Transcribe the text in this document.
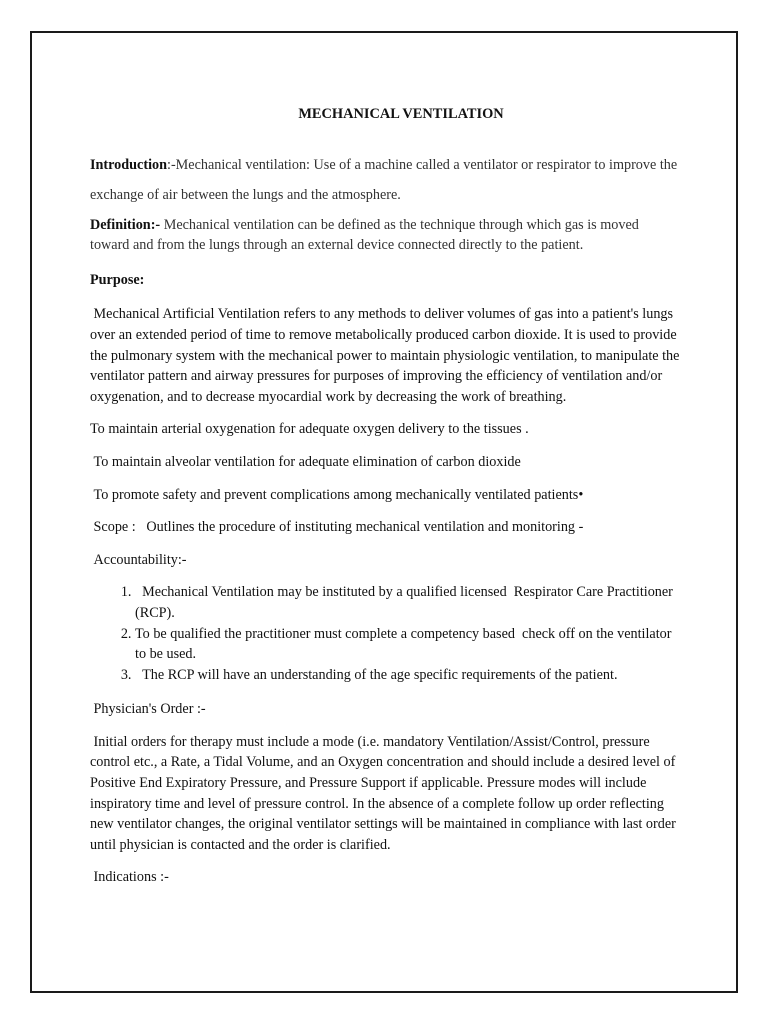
MECHANICAL VENTILATION

Introduction:-Mechanical ventilation: Use of a machine called a ventilator or respirator to improve the exchange of air between the lungs and the atmosphere.

Definition:- Mechanical ventilation can be defined as the technique through which gas is moved toward and from the lungs through an external device connected directly to the patient.

Purpose:

Mechanical Artificial Ventilation refers to any methods to deliver volumes of gas into a patient's lungs over an extended period of time to remove metabolically produced carbon dioxide. It is used to provide the pulmonary system with the mechanical power to maintain physiologic ventilation, to manipulate the ventilator pattern and airway pressures for purposes of improving the efficiency of ventilation and/or oxygenation, and to decrease myocardial work by decreasing the work of breathing.

To maintain arterial oxygenation for adequate oxygen delivery to the tissues .

To maintain alveolar ventilation for adequate elimination of carbon dioxide

To promote safety and prevent complications among mechanically ventilated patients•

Scope :   Outlines the procedure of instituting mechanical ventilation and monitoring -

Accountability:-

1.   Mechanical Ventilation may be instituted by a qualified licensed  Respirator Care Practitioner (RCP).
2. To be qualified the practitioner must complete a competency based  check off on the ventilator to be used.
3.   The RCP will have an understanding of the age specific requirements of the patient.

Physician's Order :-

Initial orders for therapy must include a mode (i.e. mandatory Ventilation/Assist/Control, pressure control etc., a Rate, a Tidal Volume, and an Oxygen concentration and should include a desired level of Positive End Expiratory Pressure, and Pressure Support if applicable. Pressure modes will include inspiratory time and level of pressure control. In the absence of a complete follow up order reflecting new ventilator changes, the original ventilator settings will be maintained in compliance with last order until physician is contacted and the order is clarified.

Indications :-
